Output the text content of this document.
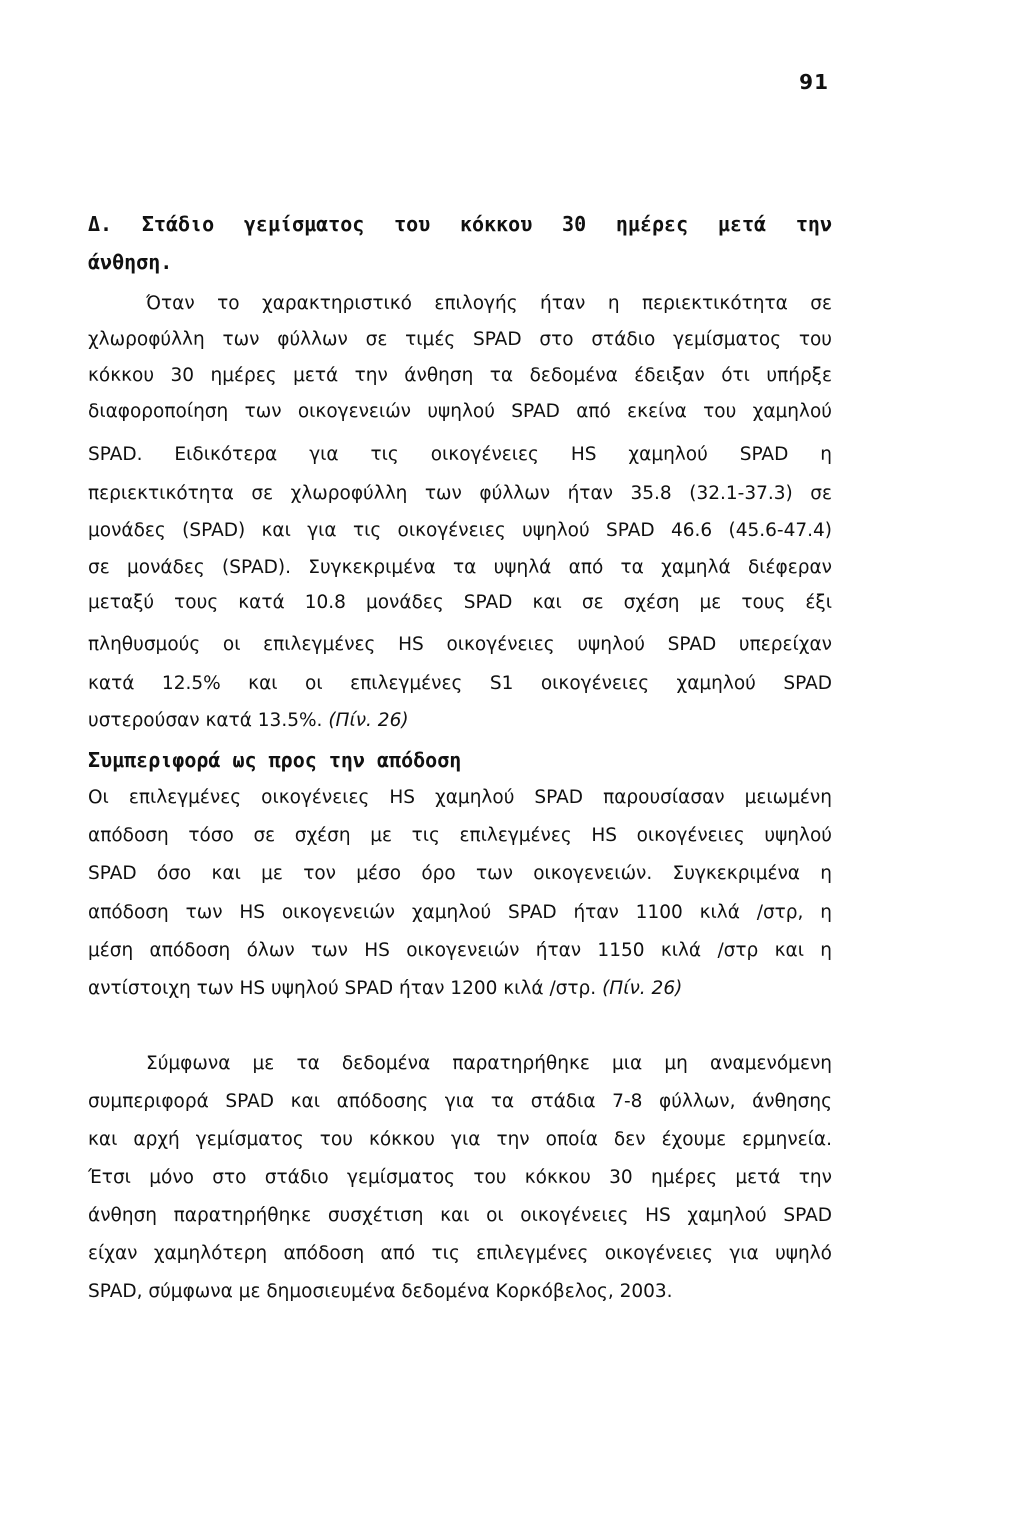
91
Δ. Στάδιο γεμίσματος του κόκκου 30 ημέρες μετά την
άνθηση.
Όταν το χαρακτηριστικό επιλογής ήταν η περιεκτικότητα σε
χλωροφύλλη των φύλλων σε τιμές SPAD στο στάδιο γεμίσματος του
κόκκου 30 ημέρες μετά την άνθηση τα δεδομένα έδειξαν ότι υπήρξε
διαφοροποίηση των οικογενειών υψηλού SPAD από εκείνα του χαμηλού
SPAD. Ειδικότερα για τις οικογένειες HS χαμηλού SPAD η
περιεκτικότητα σε χλωροφύλλη των φύλλων ήταν 35.8 (32.1-37.3) σε
μονάδες (SPAD) και για τις οικογένειες υψηλού SPAD 46.6 (45.6-47.4)
σε μονάδες (SPAD). Συγκεκριμένα τα υψηλά από τα χαμηλά διέφεραν
μεταξύ τους κατά 10.8 μονάδες SPAD και σε σχέση με τους έξι
πληθυσμούς οι επιλεγμένες HS οικογένειες υψηλού SPAD υπερείχαν
κατά 12.5% και οι επιλεγμένες S1 οικογένειες χαμηλού SPAD
υστερούσαν κατά 13.5%. (Πίν. 26)
Συμπεριφορά ως προς την απόδοση
Οι επιλεγμένες οικογένειες HS χαμηλού SPAD παρουσίασαν μειωμένη
απόδοση τόσο σε σχέση με τις επιλεγμένες HS οικογένειες υψηλού
SPAD όσο και με τον μέσο όρο των οικογενειών. Συγκεκριμένα η
απόδοση των HS οικογενειών χαμηλού SPAD ήταν 1100 κιλά /στρ, η
μέση απόδοση όλων των HS οικογενειών ήταν 1150 κιλά /στρ και η
αντίστοιχη των HS υψηλού SPAD ήταν 1200 κιλά /στρ. (Πίν. 26)
Σύμφωνα με τα δεδομένα παρατηρήθηκε μια μη αναμενόμενη
συμπεριφορά SPAD και απόδοσης για τα στάδια 7-8 φύλλων, άνθησης
και αρχή γεμίσματος του κόκκου για την οποία δεν έχουμε ερμηνεία.
Έτσι μόνο στο στάδιο γεμίσματος του κόκκου 30 ημέρες μετά την
άνθηση παρατηρήθηκε συσχέτιση και οι οικογένειες HS χαμηλού SPAD
είχαν χαμηλότερη απόδοση από τις επιλεγμένες οικογένειες για υψηλό
SPAD, σύμφωνα με δημοσιευμένα δεδομένα Κορκόβελος, 2003.
